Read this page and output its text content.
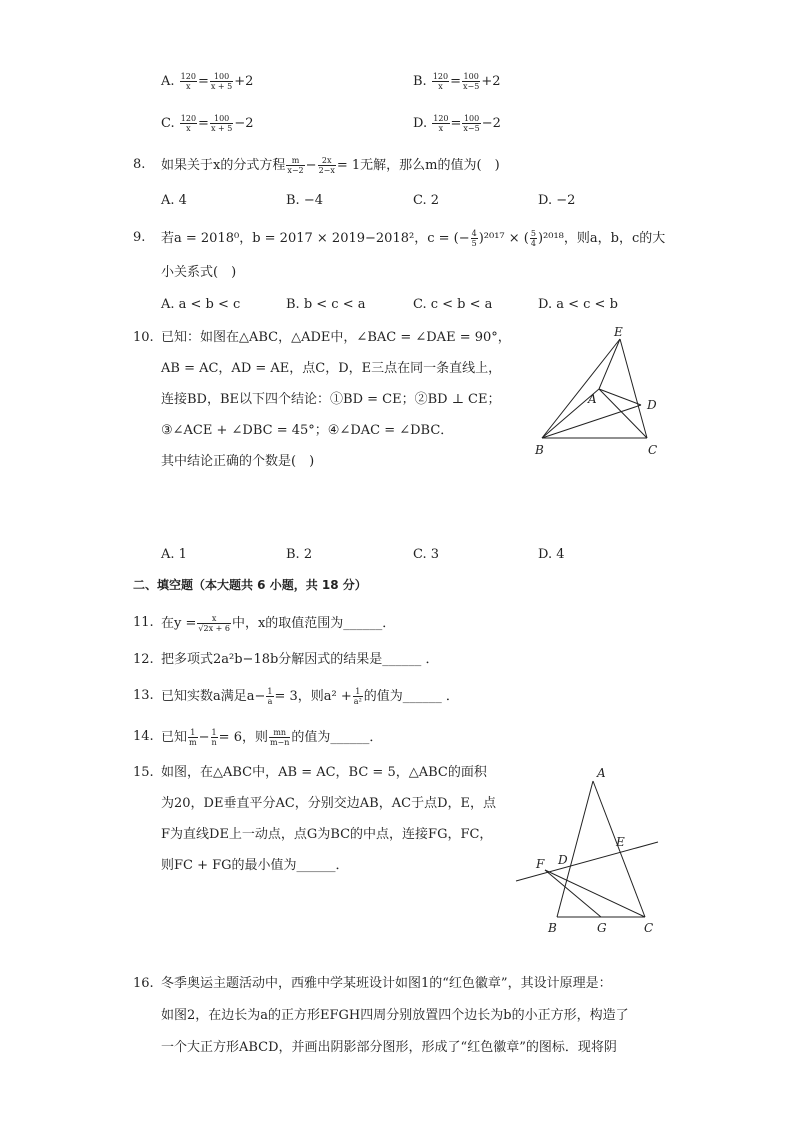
A. $\frac{120}{x} = \frac{100}{x + 5} +2$	B. $\frac{120}{x} = \frac{100}{x-5} +2$
C. $\frac{120}{x} = \frac{100}{x + 5} -2$	D. $\frac{120}{x} = \frac{100}{x-5} -2$
8. 如果关于x的分式方程 $\frac{m}{x-2} - \frac{2x}{2-x} = 1$无解，那么m的值为(　)
A. 4	B. −4	C. 2	D. −2
9. 若a = 2018⁰，b = 2017 × 2019−2018²，c = (− $\frac{4}{5} )^{2017}$ × ( $\frac{5}{4} )^{2018}$，则a，b，c的大
小关系式(　)
A. a < b < c	B. b < c < a	C. c < b < a	D. a < c < b
10. 已知：如图在△ABC，△ADE中，∠BAC = ∠DAE = 90°，
AB = AC，AD = AE，点C，D，E三点在同一条直线上，
连接BD，BE以下四个结论：①BD = CE；②BD ⊥ CE；
③∠ACE + ∠DBC = 45°；④∠DAC = ∠DBC．
其中结论正确的个数是(　)
E
A	D
B	C
A. 1	B. 2	C. 3	D. 4
二、填空题（本大题共 6 小题，共 18 分）
11. 在$y = \frac{x}{√2x + 6}$ 中，x的取值范围为______．
12. 把多项式2a²b−18b分解因式的结果是______ ．
13. 已知实数a满足$a- \frac{1}{a} = 3$，则$a^2 + \frac{1}{\text{a²}}$ 的值为______ ．
14. 已知 $\frac{1}{m} - \frac{1}{n} = 6$，则 $\frac{mn}{m-n}$ 的值为______．
15. 如图，在△ABC中，AB = AC，BC = 5，△ABC的面积
为20，DE垂直平分AC，分别交边AB，AC于点D，E，点
F为直线DE上一动点，点G为BC的中点，连接FG，FC，
则FC + FG的最小值为______．
A
E
F D
B	G	C
16. 冬季奥运主题活动中，西雅中学某班设计如图1的“红色徽章”，其设计原理是：
如图2，在边长为a的正方形EFGH四周分别放置四个边长为b的小正方形，构造了
一个大正方形ABCD，并画出阴影部分图形，形成了“红色徽章”的图标．现将阴
